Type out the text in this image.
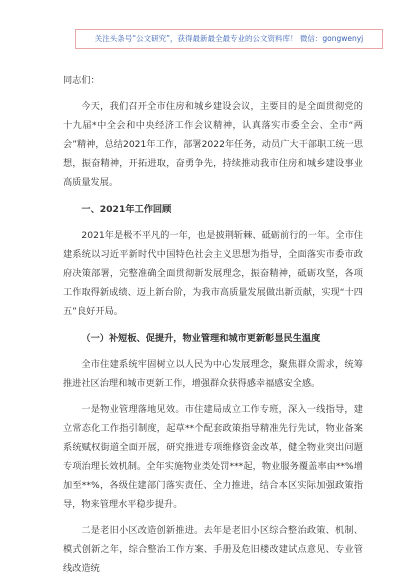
关注头条号“公文研究”，获得最新最全最专业的公文资料库！ 微信：gongwenyj

同志们：

今天，我们召开全市住房和城乡建设会议，主要目的是全面贯彻党的十九届*中全会和中央经济工作会议精神，认真落实市委全会、全市“两会”精神，总结2021年工作，部署2022年任务，动员广大干部职工统一思想，振奋精神，开拓进取，奋勇争先，持续推动我市住房和城乡建设事业高质量发展。

一、2021年工作回顾

2021年是极不平凡的一年，也是披荆斩棘、砥砺前行的一年。全市住建系统以习近平新时代中国特色社会主义思想为指导，全面落实市委市政府决策部署，完整准确全面贯彻新发展理念，振奋精神，砥砺攻坚，各项工作取得新成绩、迈上新台阶，为我市高质量发展做出新贡献，实现“十四五”良好开局。

（一）补短板、促提升，物业管理和城市更新彰显民生温度

全市住建系统牢固树立以人民为中心发展理念，聚焦群众需求，统筹推进社区治理和城市更新工作，增强群众获得感幸福感安全感。

一是物业管理落地见效。市住建局成立工作专班，深入一线指导，建立常态化工作指引制度，起草**个配套政策指导精准先行先试，物业备案系统赋权街道全面开展，研究推进专项维修资金改革，健全物业突出问题专项治理长效机制。全年实施物业类处罚***起，物业服务覆盖率由**%增加至**%，各级住建部门落实责任、全力推进，结合本区实际加强政策指导，物来管理水平稳步提升。

二是老旧小区改造创新推进。去年是老旧小区综合整治政策、机制、模式创新之年，综合整治工作方案、手册及危旧楼改建试点意见、专业管线改造统
